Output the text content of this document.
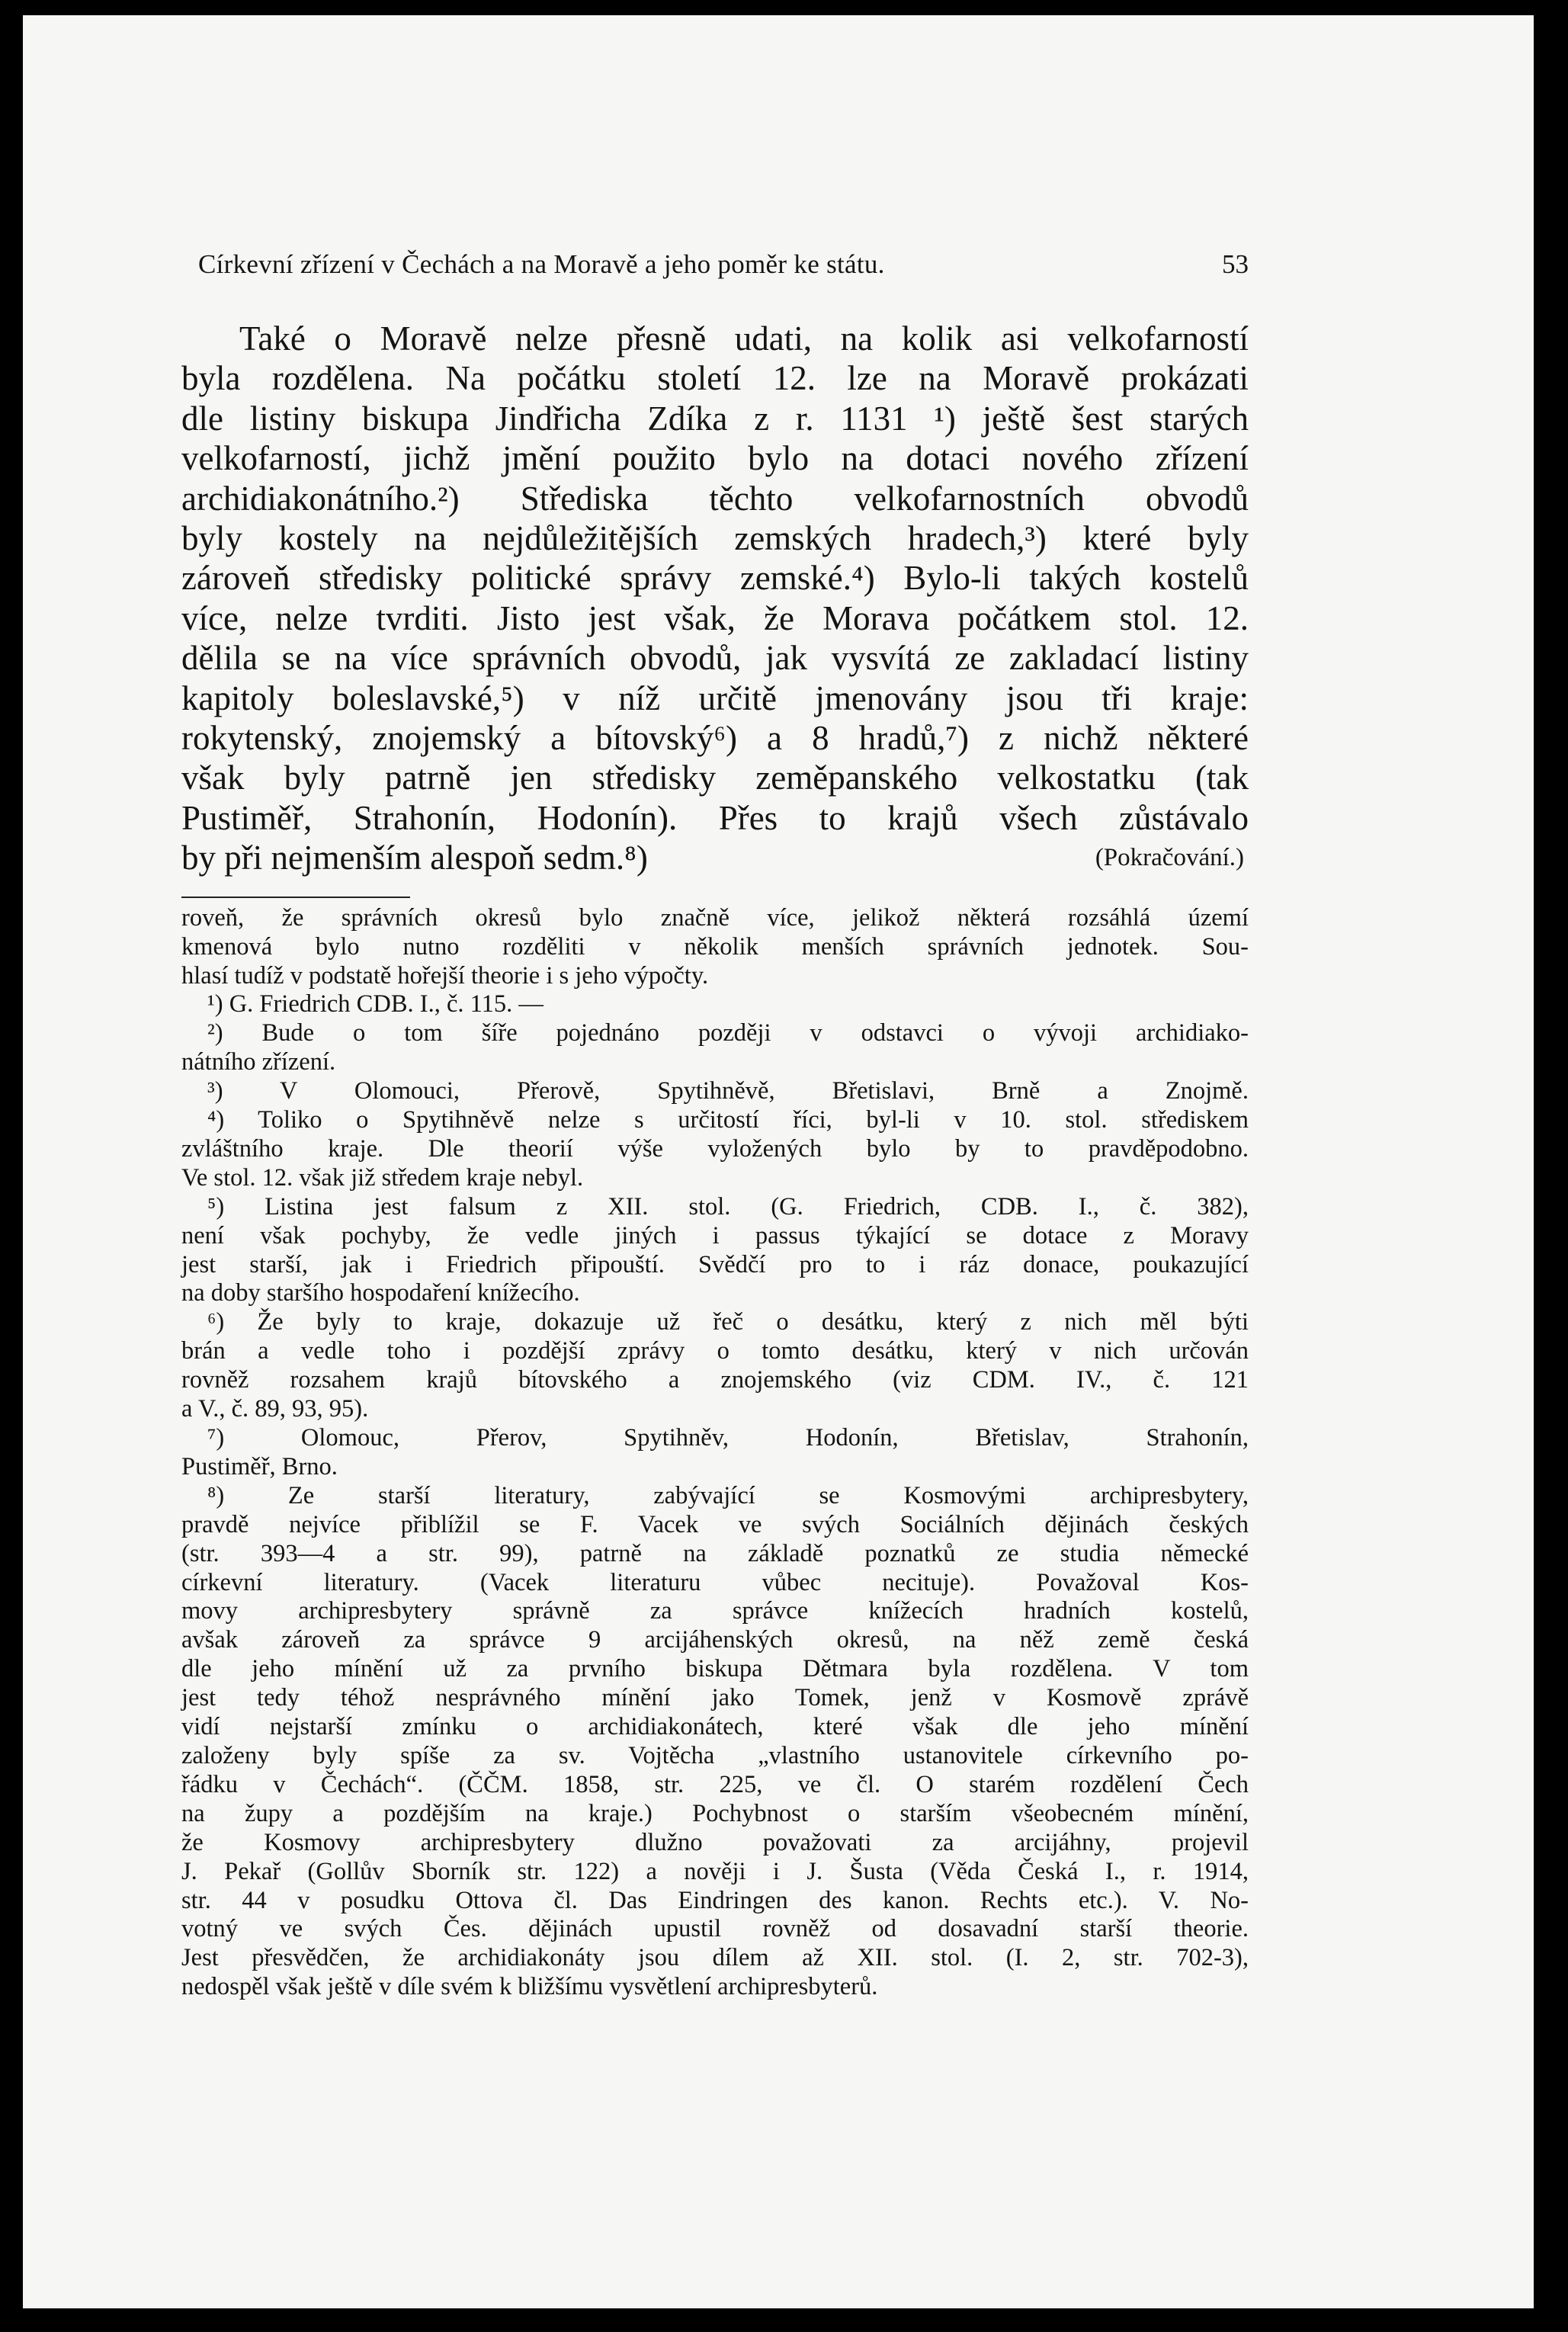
Církevní zřízení v Čechách a na Moravě a jeho poměr ke státu.	53

Také o Moravě nelze přesně udati, na kolik asi velkofarností

byla rozdělena. Na počátku století 12. lze na Moravě prokázati

dle listiny biskupa Jindřicha Zdíka z r. 1131 ¹) ještě šest starých

velkofarností, jichž jmění použito bylo na dotaci nového zřízení

archidiakonátního.²) Střediska těchto velkofarnostních obvodů

byly kostely na nejdůležitějších zemských hradech,³) které byly

zároveň středisky politické správy zemské.⁴) Bylo-li takých kostelů

více, nelze tvrditi. Jisto jest však, že Morava počátkem stol. 12.

dělila se na více správních obvodů, jak vysvítá ze zakladací listiny

kapitoly boleslavské,⁵) v níž určitě jmenovány jsou tři kraje:

rokytenský, znojemský a bítovský⁶) a 8 hradů,⁷) z nichž některé

však byly patrně jen středisky zeměpanského velkostatku (tak

Pustiměř, Strahonín, Hodonín). Přes to krajů všech zůstávalo

by při nejmenším alespoň sedm.⁸)	(Pokračování.)

roveň, že správních okresů bylo značně více, jelikož některá rozsáhlá území

kmenová bylo nutno rozděliti v několik menších správních jednotek. Sou-

hlasí tudíž v podstatě hořejší theorie i s jeho výpočty.

¹) G. Friedrich CDB. I., č. 115. —

²) Bude o tom šíře pojednáno později v odstavci o vývoji archidiako-

nátního zřízení.

³) V Olomouci, Přerově, Spytihněvě, Břetislavi, Brně a Znojmě.

⁴) Toliko o Spytihněvě nelze s určitostí říci, byl-li v 10. stol. střediskem

zvláštního kraje. Dle theorií výše vyložených bylo by to pravděpodobno.

Ve stol. 12. však již středem kraje nebyl.

⁵) Listina jest falsum z XII. stol. (G. Friedrich, CDB. I., č. 382),

není však pochyby, že vedle jiných i passus týkající se dotace z Moravy

jest starší, jak i Friedrich připouští. Svědčí pro to i ráz donace, poukazující

na doby staršího hospodaření knížecího.

⁶) Že byly to kraje, dokazuje už řeč o desátku, který z nich měl býti

brán a vedle toho i pozdější zprávy o tomto desátku, který v nich určován

rovněž rozsahem krajů bítovského a znojemského (viz CDM. IV., č. 121

a V., č. 89, 93, 95).

⁷) Olomouc, Přerov, Spytihněv, Hodonín, Břetislav, Strahonín,

Pustiměř, Brno.

⁸) Ze starší literatury, zabývající se Kosmovými archipresbytery,

pravdě nejvíce přiblížil se F. Vacek ve svých Sociálních dějinách českých

(str. 393—4 a str. 99), patrně na základě poznatků ze studia německé

církevní literatury. (Vacek literaturu vůbec necituje). Považoval Kos-

movy archipresbytery správně za správce knížecích hradních kostelů,

avšak zároveň za správce 9 arcijáhenských okresů, na něž země česká

dle jeho mínění už za prvního biskupa Dětmara byla rozdělena. V tom

jest tedy téhož nesprávného mínění jako Tomek, jenž v Kosmově zprávě

vidí nejstarší zmínku o archidiakonátech, které však dle jeho mínění

založeny byly spíše za sv. Vojtěcha „vlastního ustanovitele církevního po-

řádku v Čechách“. (ČČM. 1858, str. 225, ve čl. O starém rozdělení Čech

na župy a pozdějším na kraje.) Pochybnost o starším všeobecném mínění,

že Kosmovy archipresbytery dlužno považovati za arcijáhny, projevil

J. Pekař (Gollův Sborník str. 122) a nověji i J. Šusta (Věda Česká I., r. 1914,

str. 44 v posudku Ottova čl. Das Eindringen des kanon. Rechts etc.). V. No-

votný ve svých Čes. dějinách upustil rovněž od dosavadní starší theorie.

Jest přesvědčen, že archidiakonáty jsou dílem až XII. stol. (I. 2, str. 702-3),

nedospěl však ještě v díle svém k bližšímu vysvětlení archipresbyterů.
